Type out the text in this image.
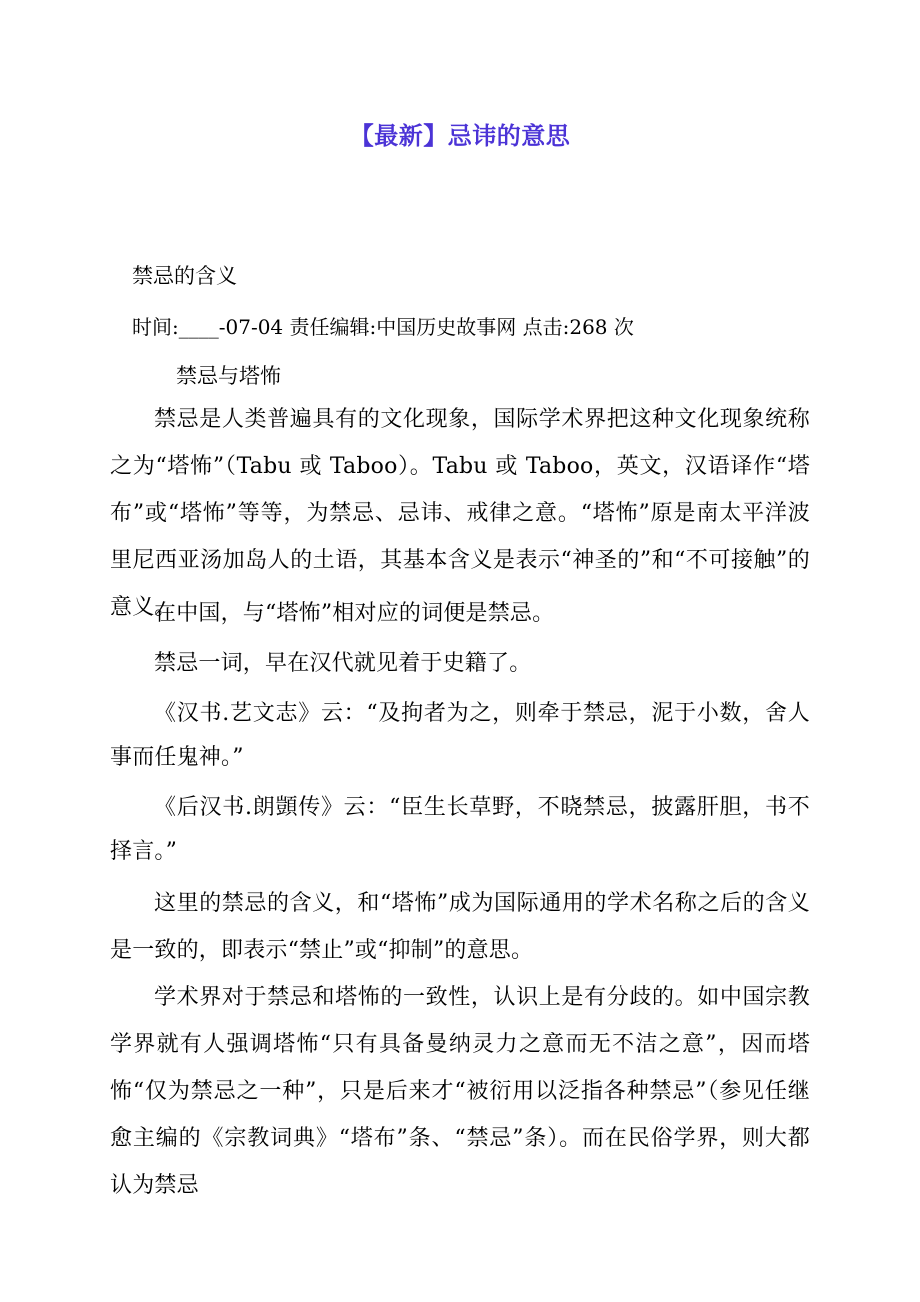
【最新】忌讳的意思
禁忌的含义
时间:____-07-04 责任编辑:中国历史故事网 点击:268 次
禁忌与塔怖

禁忌是人类普遍具有的文化现象，国际学术界把这种文化现象统称之为“塔怖”（Tabu 或 Taboo）。Tabu 或 Taboo，英文，汉语译作“塔布”或“塔怖”等等，为禁忌、忌讳、戒律之意。“塔怖”原是南太平洋波里尼西亚汤加岛人的土语，其基本含义是表示“神圣的”和“不可接触”的意义。

在中国，与“塔怖”相对应的词便是禁忌。

禁忌一词，早在汉代就见着于史籍了。

《汉书.艺文志》云：“及拘者为之，则牵于禁忌，泥于小数，舍人事而任鬼神。”

《后汉书.朗顗传》云：“臣生长草野，不晓禁忌，披露肝胆，书不择言。”

这里的禁忌的含义，和“塔怖”成为国际通用的学术名称之后的含义是一致的，即表示“禁止”或“抑制”的意思。

学术界对于禁忌和塔怖的一致性，认识上是有分歧的。如中国宗教学界就有人强调塔怖“只有具备曼纳灵力之意而无不洁之意”，因而塔怖“仅为禁忌之一种”，只是后来才“被衍用以泛指各种禁忌”（参见任继愈主编的《宗教词典》“塔布”条、“禁忌”条）。而在民俗学界，则大都认为禁忌
